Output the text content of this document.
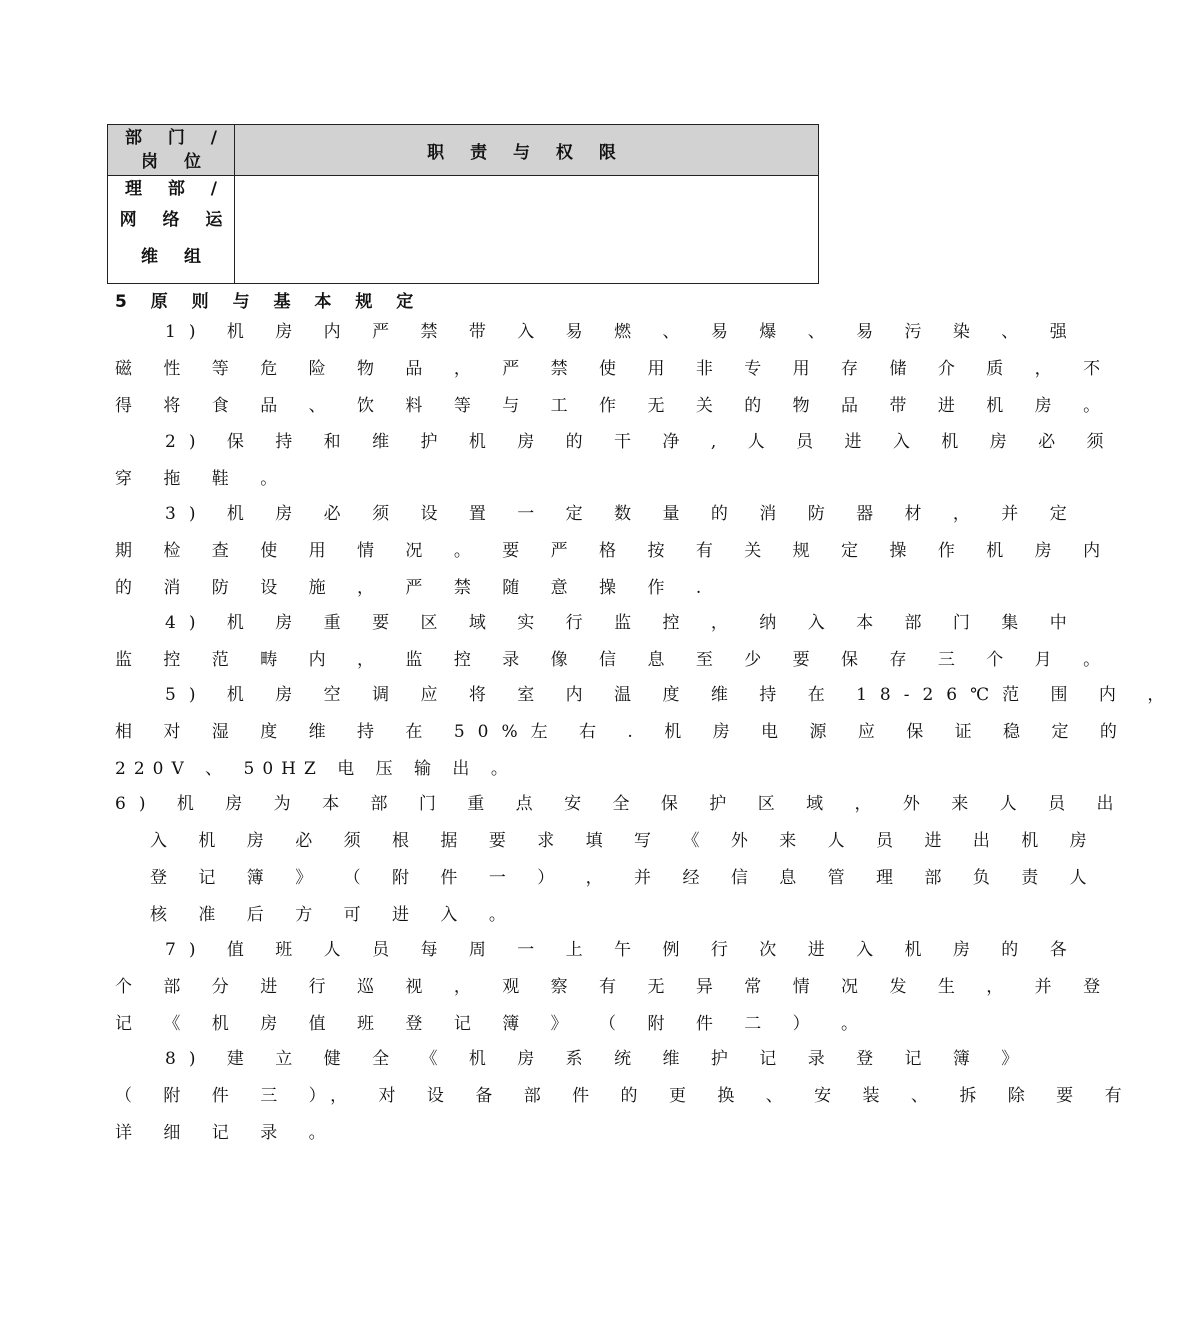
部 门 /
岗 位	职 责 与 权 限

理 部 /
网 络 运
维 组	

5 原 则 与 基 本 规 定
1) 机 房 内 严 禁 带 入 易 燃 、 易 爆 、 易 污 染 、 强
磁 性 等 危 险 物 品 ， 严 禁 使 用 非 专 用 存 储 介 质 ， 不
得 将 食 品 、 饮 料 等 与 工 作 无 关 的 物 品 带 进 机 房 。
2) 保 持 和 维 护 机 房 的 干 净 , 人 员 进 入 机 房 必 须
穿 拖 鞋 。
3) 机 房 必 须 设 置 一 定 数 量 的 消 防 器 材 ， 并 定
期 检 查 使 用 情 况 。 要 严 格 按 有 关 规 定 操 作 机 房 内
的 消 防 设 施 ， 严 禁 随 意 操 作 .
4) 机 房 重 要 区 域 实 行 监 控 ， 纳 入 本 部 门 集 中
监 控 范 畴 内 ， 监 控 录 像 信 息 至 少 要 保 存 三 个 月 。
5) 机 房 空 调 应 将 室 内 温 度 维 持 在 18-26℃范 围 内 ，
相 对 湿 度 维 持 在 50%左 右 . 机 房 电 源 应 保 证 稳 定 的
220V 、 50HZ 电 压 输 出 。
6) 机 房 为 本 部 门 重 点 安 全 保 护 区 域 ， 外 来 人 员 出
入 机 房 必 须 根 据 要 求 填 写 《 外 来 人 员 进 出 机 房
登 记 簿 》 （ 附 件 一 ） ， 并 经 信 息 管 理 部 负 责 人
核 准 后 方 可 进 入 。
7) 值 班 人 员 每 周 一 上 午 例 行 次 进 入 机 房 的 各
个 部 分 进 行 巡 视 ， 观 察 有 无 异 常 情 况 发 生 ， 并 登
记 《 机 房 值 班 登 记 簿 》 （ 附 件 二 ） 。
8) 建 立 健 全 《 机 房 系 统 维 护 记 录 登 记 簿 》
（ 附 件 三 ）， 对 设 备 部 件 的 更 换 、 安 装 、 拆 除 要 有
详 细 记 录 。
